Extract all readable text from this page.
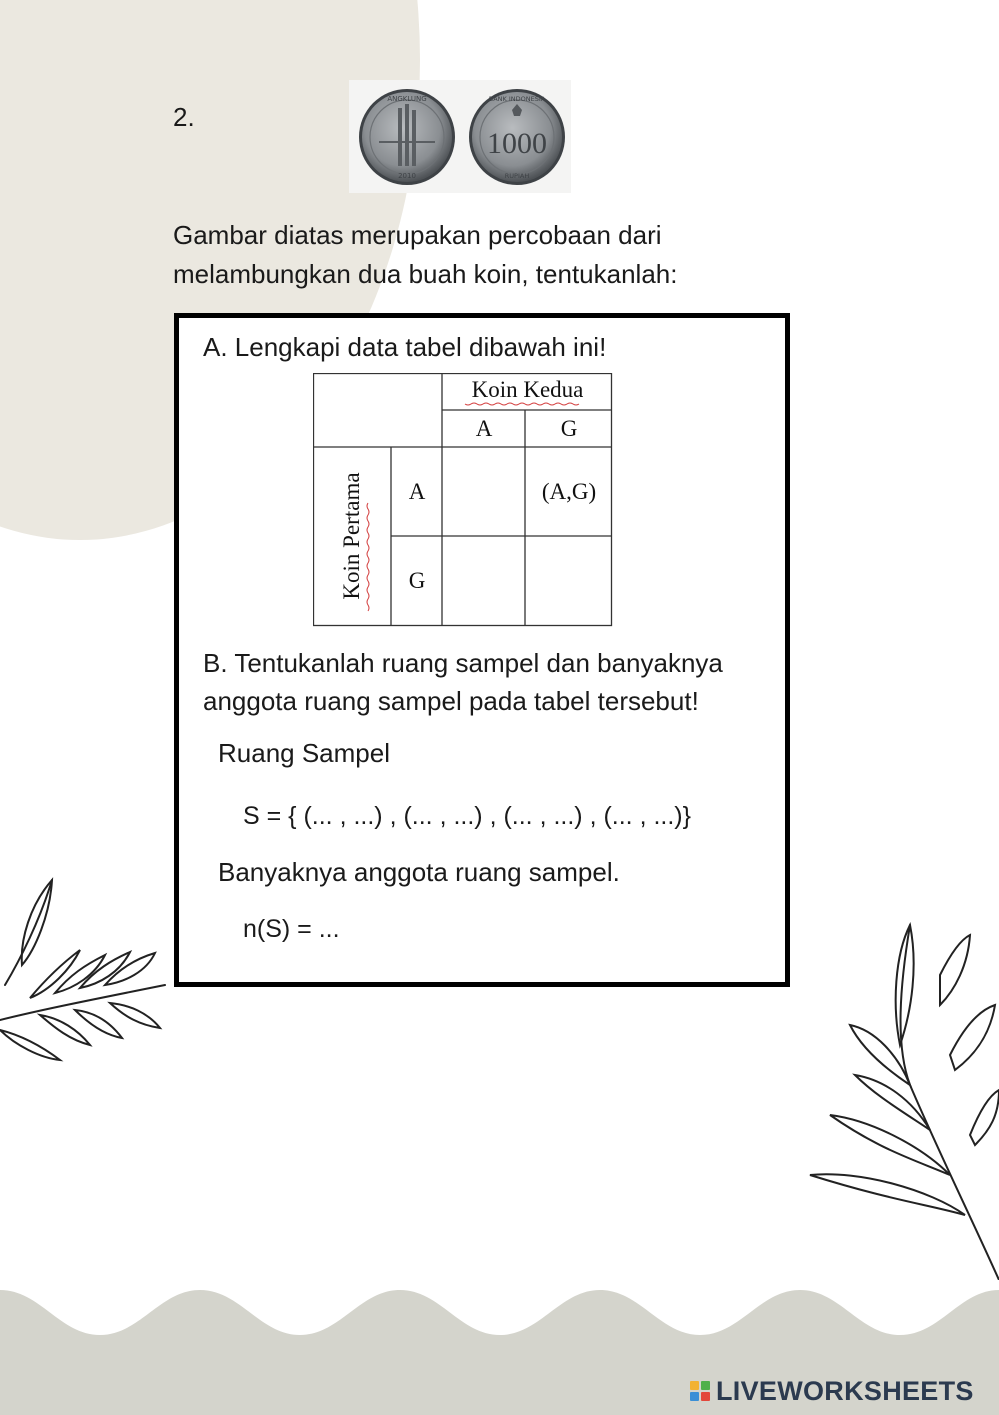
2.
ANGKLUNG
2010
BANK INDONESIA
1000
RUPIAH
Gambar diatas merupakan percobaan dari
melambungkan dua buah koin, tentukanlah:
A. Lengkapi data tabel dibawah ini!
Koin Kedua
A	G
Koin Pertama	A
G
(A,G)
B. Tentukanlah ruang sampel dan banyaknya
anggota ruang sampel pada tabel tersebut!
Ruang Sampel
S = { (... , ...) , (... , ...) , (... , ...) , (... , ...)}
Banyaknya anggota ruang sampel.
n(S) = ...
LIVEWORKSHEETS
